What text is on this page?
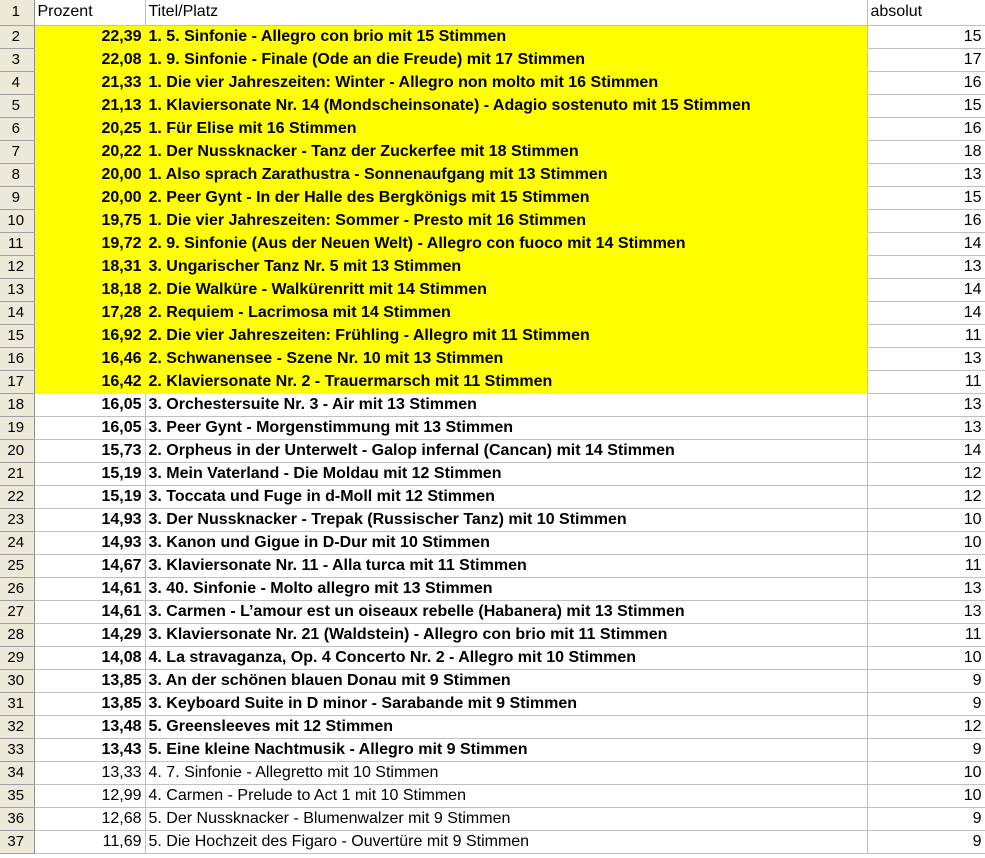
1	Prozent	Titel/Platz	absolut
2	22,39	1. 5. Sinfonie - Allegro con brio mit 15 Stimmen	15
3	22,08	1. 9. Sinfonie - Finale (Ode an die Freude) mit 17 Stimmen	17
4	21,33	1. Die vier Jahreszeiten: Winter - Allegro non molto mit 16 Stimmen	16
5	21,13	1. Klaviersonate Nr. 14 (Mondscheinsonate) - Adagio sostenuto mit 15 Stimmen	15
6	20,25	1. Für Elise mit 16 Stimmen	16
7	20,22	1. Der Nussknacker - Tanz der Zuckerfee mit 18 Stimmen	18
8	20,00	1. Also sprach Zarathustra - Sonnenaufgang mit 13 Stimmen	13
9	20,00	2. Peer Gynt - In der Halle des Bergkönigs mit 15 Stimmen	15
10	19,75	1. Die vier Jahreszeiten: Sommer - Presto mit 16 Stimmen	16
11	19,72	2. 9. Sinfonie (Aus der Neuen Welt) - Allegro con fuoco mit 14 Stimmen	14
12	18,31	3. Ungarischer Tanz Nr. 5 mit 13 Stimmen	13
13	18,18	2. Die Walküre - Walkürenritt mit 14 Stimmen	14
14	17,28	2. Requiem - Lacrimosa mit 14 Stimmen	14
15	16,92	2. Die vier Jahreszeiten: Frühling - Allegro mit 11 Stimmen	11
16	16,46	2. Schwanensee - Szene Nr. 10 mit 13 Stimmen	13
17	16,42	2. Klaviersonate Nr. 2 - Trauermarsch mit 11 Stimmen	11
18	16,05	3. Orchestersuite Nr. 3 - Air mit 13 Stimmen	13
19	16,05	3. Peer Gynt - Morgenstimmung mit 13 Stimmen	13
20	15,73	2. Orpheus in der Unterwelt - Galop infernal (Cancan) mit 14 Stimmen	14
21	15,19	3. Mein Vaterland - Die Moldau mit 12 Stimmen	12
22	15,19	3. Toccata und Fuge in d-Moll mit 12 Stimmen	12
23	14,93	3. Der Nussknacker - Trepak (Russischer Tanz) mit 10 Stimmen	10
24	14,93	3. Kanon und Gigue in D-Dur mit 10 Stimmen	10
25	14,67	3. Klaviersonate Nr. 11 - Alla turca mit 11 Stimmen	11
26	14,61	3. 40. Sinfonie - Molto allegro mit 13 Stimmen	13
27	14,61	3. Carmen - L’amour est un oiseaux rebelle (Habanera) mit 13 Stimmen	13
28	14,29	3. Klaviersonate Nr. 21 (Waldstein) - Allegro con brio mit 11 Stimmen	11
29	14,08	4. La stravaganza, Op. 4 Concerto Nr. 2 - Allegro mit 10 Stimmen	10
30	13,85	3. An der schönen blauen Donau mit 9 Stimmen	9
31	13,85	3. Keyboard Suite in D minor - Sarabande mit 9 Stimmen	9
32	13,48	5. Greensleeves mit 12 Stimmen	12
33	13,43	5. Eine kleine Nachtmusik - Allegro mit 9 Stimmen	9
34	13,33	4. 7. Sinfonie - Allegretto mit 10 Stimmen	10
35	12,99	4. Carmen - Prelude to Act 1 mit 10 Stimmen	10
36	12,68	5. Der Nussknacker - Blumenwalzer mit 9 Stimmen	9
37	11,69	5. Die Hochzeit des Figaro - Ouvertüre mit 9 Stimmen	9
